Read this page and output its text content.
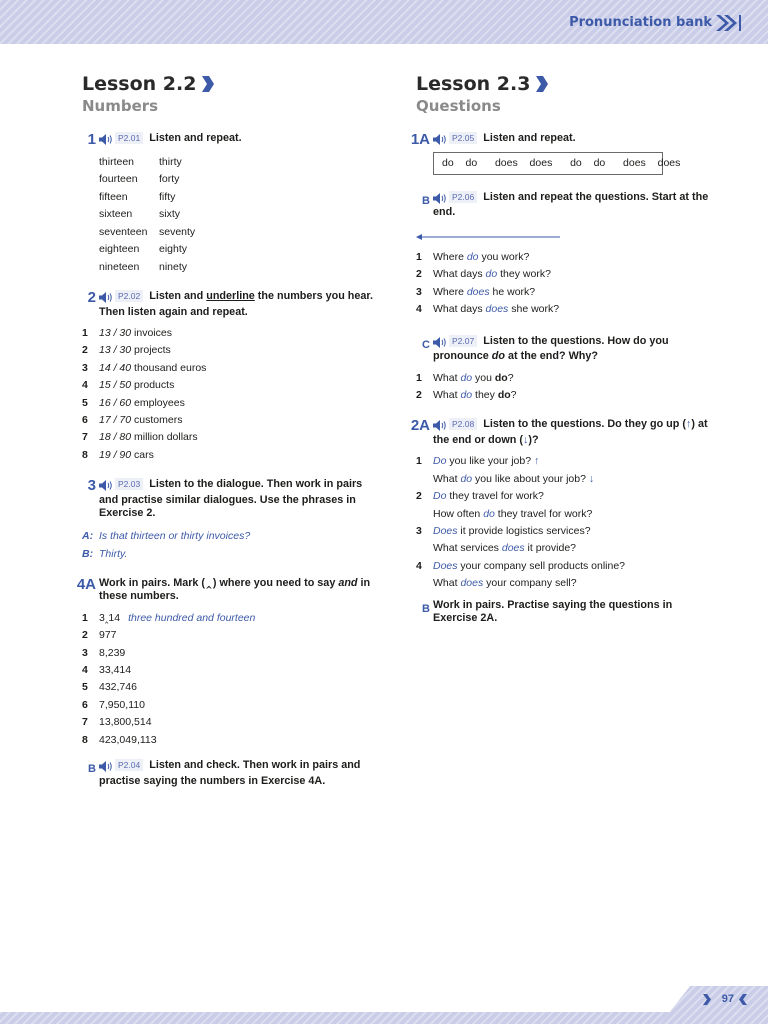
Pronunciation bank
Lesson 2.2
Numbers
1	P2.01 Listen and repeat.
thirteen	thirty
fourteen	forty
fifteen	fifty
sixteen	sixty
seventeen	seventy
eighteen	eighty
nineteen	ninety
2	P2.02 Listen and underline the numbers you hear. Then listen again and repeat.
1	13 / 30 invoices
2	13 / 30 projects
3	14 / 40 thousand euros
4	15 / 50 products
5	16 / 60 employees
6	17 / 70 customers
7	18 / 80 million dollars
8	19 / 90 cars
3	P2.03 Listen to the dialogue. Then work in pairs and practise similar dialogues. Use the phrases in Exercise 2.
A: Is that thirteen or thirty invoices?
B: Thirty.
4A Work in pairs. Mark (‸) where you need to say and in these numbers.
1	3‸14 three hundred and fourteen
2	977
3	8,239
4	33,414
5	432,746
6	7,950,110
7	13,800,514
8	423,049,113
B	P2.04 Listen and check. Then work in pairs and practise saying the numbers in Exercise 4A.
Lesson 2.3
Questions
1A	P2.05 Listen and repeat.
do  do   does  does   do  do   does  does
B	P2.06 Listen and repeat the questions. Start at the end.
1	Where do you work?
2	What days do they work?
3	Where does he work?
4	What days does she work?
C	P2.07 Listen to the questions. How do you pronounce do at the end? Why?
1	What do you do?
2	What do they do?
2A	P2.08 Listen to the questions. Do they go up (↑) at the end or down (↓)?
1	Do you like your job? ↑
What do you like about your job? ↓
2	Do they travel for work?
How often do they travel for work?
3	Does it provide logistics services?
What services does it provide?
4	Does your company sell products online?
What does your company sell?
B Work in pairs. Practise saying the questions in Exercise 2A.
97
